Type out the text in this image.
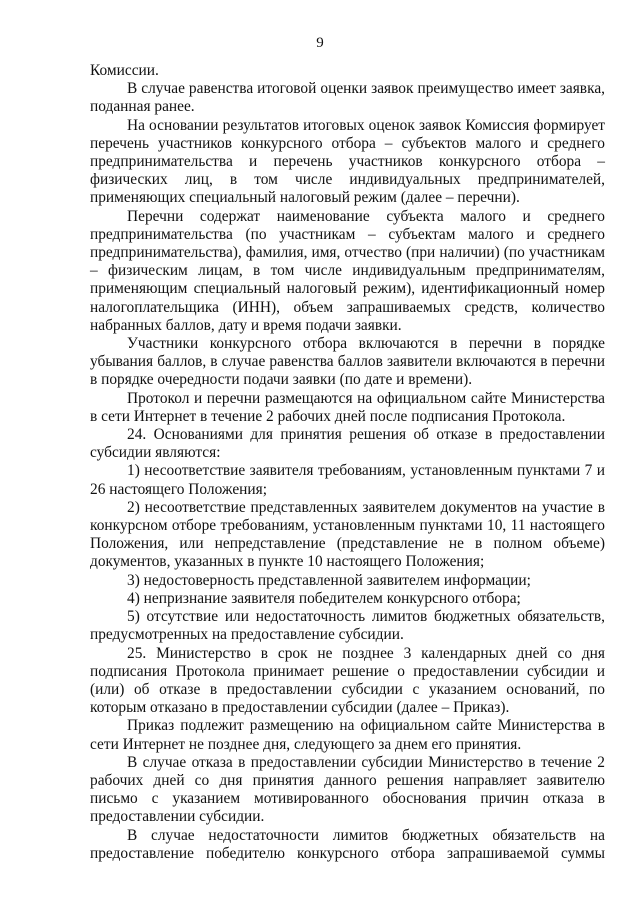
9

Комиссии.

В случае равенства итоговой оценки заявок преимущество имеет заявка, поданная ранее.

На основании результатов итоговых оценок заявок Комиссия формирует перечень участников конкурсного отбора – субъектов малого и среднего предпринимательства и перечень участников конкурсного отбора – физических лиц, в том числе индивидуальных предпринимателей, применяющих специальный налоговый режим (далее – перечни).

Перечни содержат наименование субъекта малого и среднего предпринимательства (по участникам – субъектам малого и среднего предпринимательства), фамилия, имя, отчество (при наличии) (по участникам – физическим лицам, в том числе индивидуальным предпринимателям, применяющим специальный налоговый режим), идентификационный номер налогоплательщика (ИНН), объем запрашиваемых средств, количество набранных баллов, дату и время подачи заявки.

Участники конкурсного отбора включаются в перечни в порядке убывания баллов, в случае равенства баллов заявители включаются в перечни в порядке очередности подачи заявки (по дате и времени).

Протокол и перечни размещаются на официальном сайте Министерства в сети Интернет в течение 2 рабочих дней после подписания Протокола.

24. Основаниями для принятия решения об отказе в предоставлении субсидии являются:

1) несоответствие заявителя требованиям, установленным пунктами 7 и 26 настоящего Положения;

2) несоответствие представленных заявителем документов на участие в конкурсном отборе требованиям, установленным пунктами 10, 11 настоящего Положения, или непредставление (представление не в полном объеме) документов, указанных в пункте 10 настоящего Положения;

3) недостоверность представленной заявителем информации;

4) непризнание заявителя победителем конкурсного отбора;

5) отсутствие или недостаточность лимитов бюджетных обязательств, предусмотренных на предоставление субсидии.

25. Министерство в срок не позднее 3 календарных дней со дня подписания Протокола принимает решение о предоставлении субсидии и (или) об отказе в предоставлении субсидии с указанием оснований, по которым отказано в предоставлении субсидии (далее – Приказ).

Приказ подлежит размещению на официальном сайте Министерства в сети Интернет не позднее дня, следующего за днем его принятия.

В случае отказа в предоставлении субсидии Министерство в течение 2 рабочих дней со дня принятия данного решения направляет заявителю письмо с указанием мотивированного обоснования причин отказа в предоставлении субсидии.

В случае недостаточности лимитов бюджетных обязательств на предоставление победителю конкурсного отбора запрашиваемой суммы
